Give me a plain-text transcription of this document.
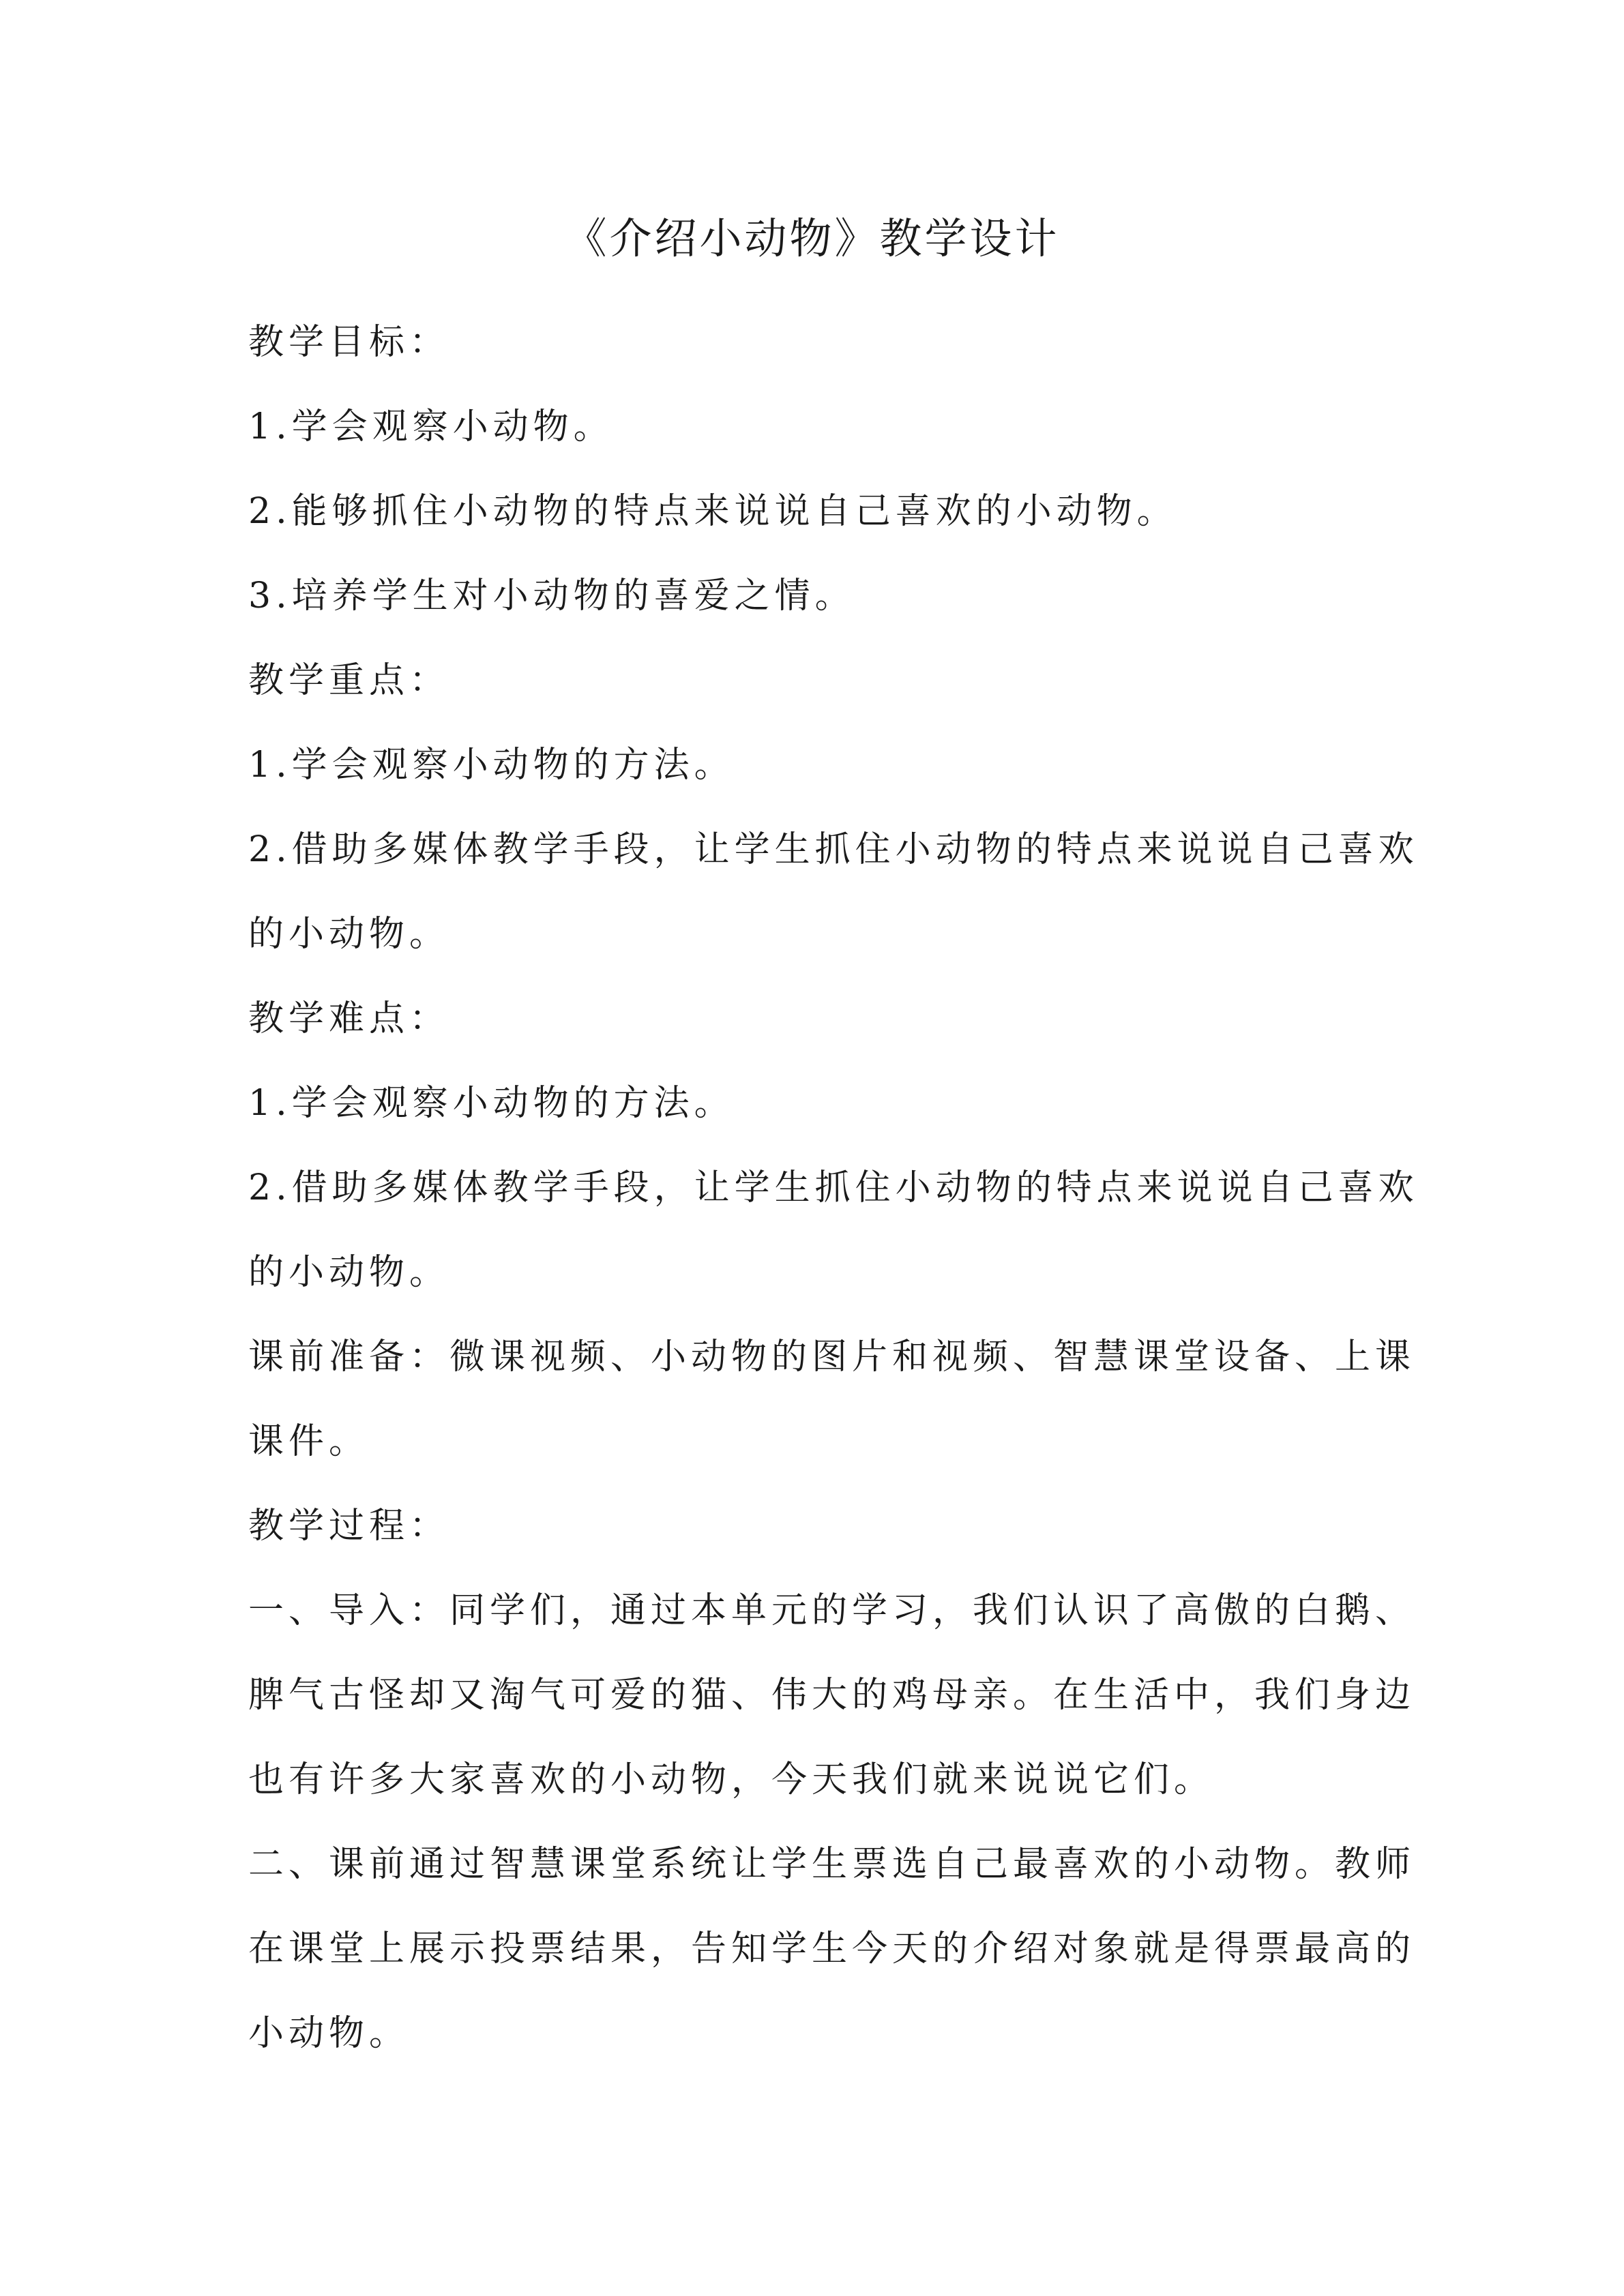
《介绍小动物》教学设计
教学目标：
1.学会观察小动物。
2.能够抓住小动物的特点来说说自己喜欢的小动物。
3.培养学生对小动物的喜爱之情。
教学重点：
1.学会观察小动物的方法。
2.借助多媒体教学手段，让学生抓住小动物的特点来说说自己喜欢
的小动物。
教学难点：
1.学会观察小动物的方法。
2.借助多媒体教学手段，让学生抓住小动物的特点来说说自己喜欢
的小动物。
课前准备：微课视频、小动物的图片和视频、智慧课堂设备、上课
课件。
教学过程：
一、导入：同学们，通过本单元的学习，我们认识了高傲的白鹅、
脾气古怪却又淘气可爱的猫、伟大的鸡母亲。在生活中，我们身边
也有许多大家喜欢的小动物，今天我们就来说说它们。
二、课前通过智慧课堂系统让学生票选自己最喜欢的小动物。教师
在课堂上展示投票结果，告知学生今天的介绍对象就是得票最高的
小动物。
